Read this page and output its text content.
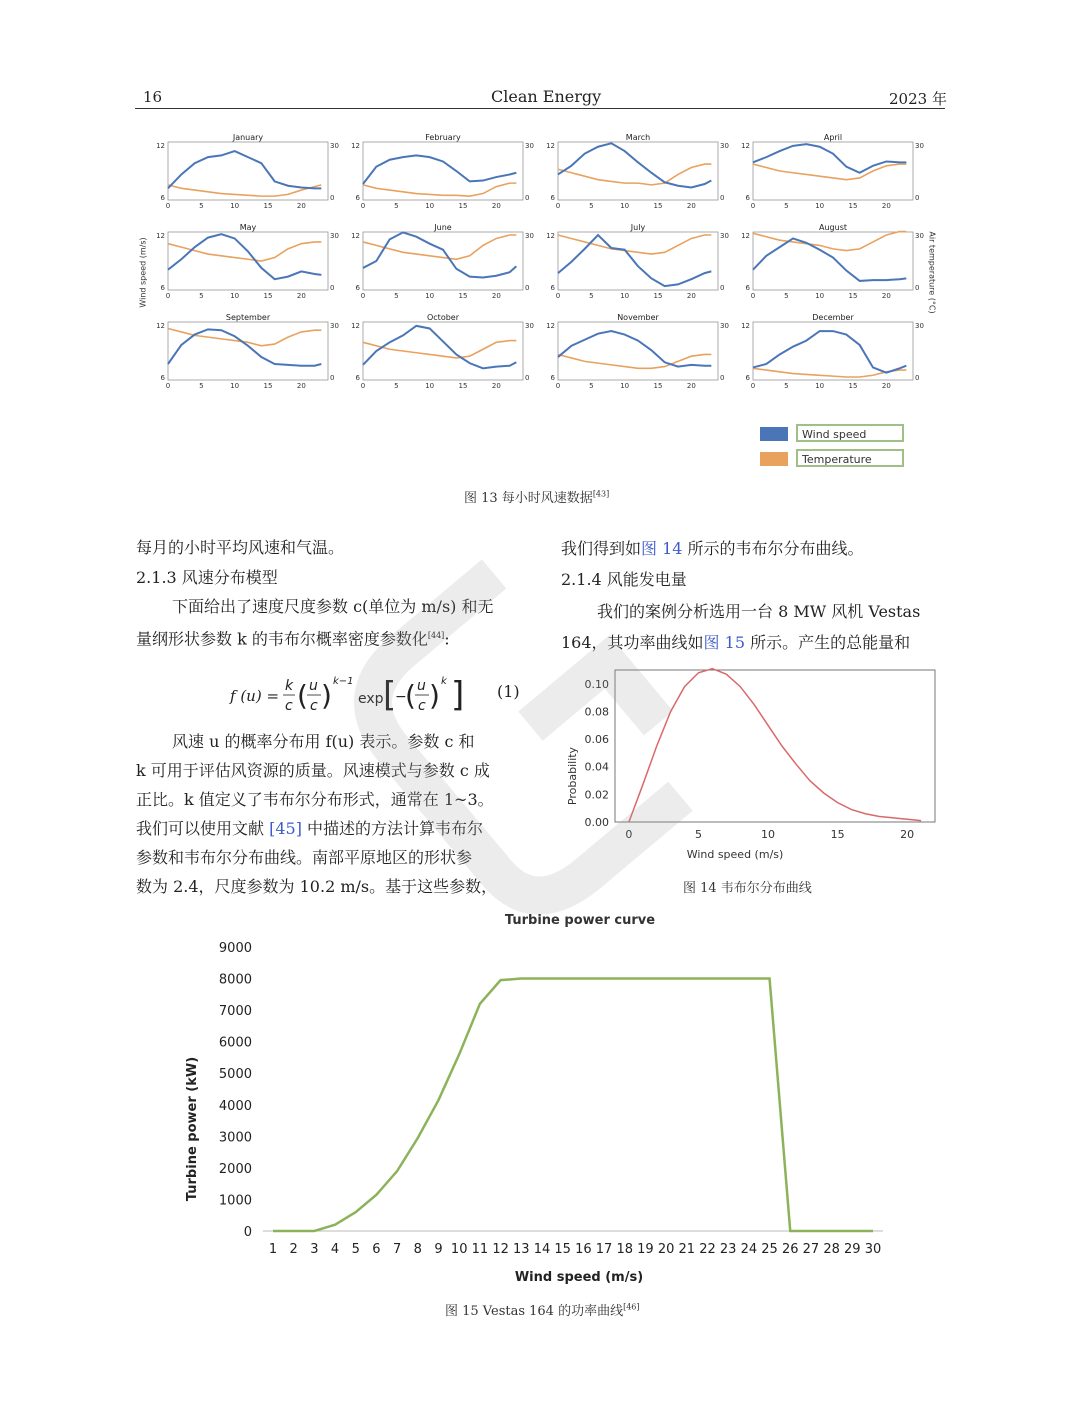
16	Clean Energy	2023 年
January
6
12
0
30
0	5	10	15	20
February
6
12
0
30
0	5	10	15	20
March
6
12
0
30
0	5	10	15	20
April
6
12
0
30
0	5	10	15	20
May
6
12
0
30
0	5	10	15	20
June
6
12
0
30
0	5	10	15	20
July
6
12
0
30
0	5	10	15	20
August
6
12
0
30
0	5	10	15	20
September
6
12
0
30
0	5	10	15	20
October
6
12
0
30
0	5	10	15	20
November
6
12
0
30
0	5	10	15	20
December
6
12
0
30
0	5	10	15	20
Wind speed (m/s)	Air temperature (°C)
Wind speed
Temperature
图 13 每小时风速数据[43]
每月的小时平均风速和气温。
2.1.3 风速分布模型
下面给出了速度尺度参数 c(单位为 m/s) 和无
量纲形状参数 k 的韦布尔概率密度参数化[44]:
f (u) =
k
c ( u
c ) k−1
exp [
−
( u
c ) k ] (1)
风速 u 的概率分布用 f(u) 表示。参数 c 和
k 可用于评估风资源的质量。风速模式与参数 c 成
正比。k 值定义了韦布尔分布形式，通常在 1~3。
我们可以使用文献 [45] 中描述的方法计算韦布尔
参数和韦布尔分布曲线。南部平原地区的形状参
数为 2.4，尺度参数为 10.2 m/s。基于这些参数，
我们得到如图 14 所示的韦布尔分布曲线。
2.1.4 风能发电量
我们的案例分析选用一台 8 MW 风机 Vestas
164，其功率曲线如图 15 所示。产生的总能量和
0.00
0.02
0.04
0.06
0.08
0.10
0	5	10	15	20
Wind speed (m/s)
Probability
图 14 韦布尔分布曲线
Turbine power curve
0
1000
2000
3000
4000
5000
6000
7000
8000
9000
1 2 3 4 5 6 7 8 9 10 11 12 13 14 15 16 17 18 19 20 21 22 23 24 25 26 27 28 29 30
Wind speed (m/s)
Turbine power (kW)
图 15 Vestas 164 的功率曲线[46]
